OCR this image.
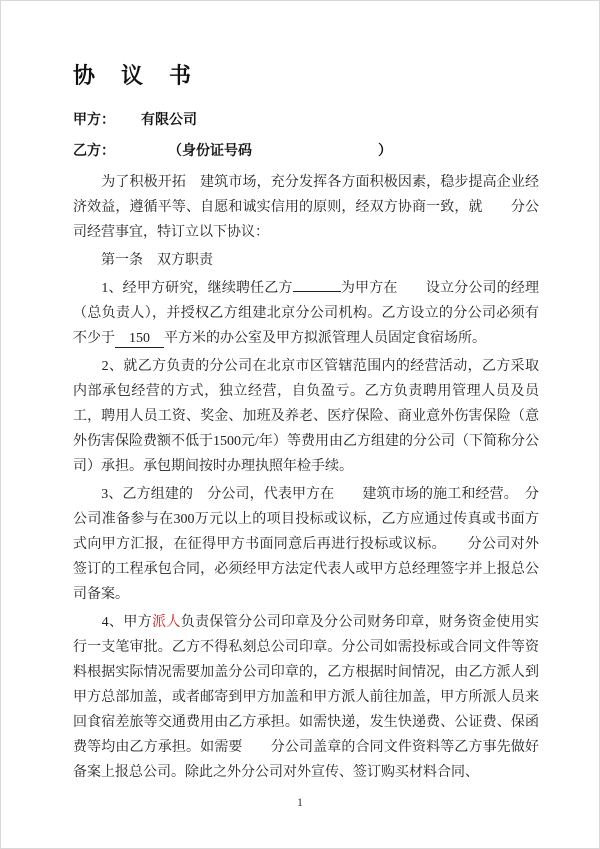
协　议　书

甲方： 有限公司

乙方：	（身份证号码　　　　　　　　　）

　　为了积极开拓　建筑市场，充分发挥各方面积极因素，稳步提高企业经济效益，遵循平等、自愿和诚实信用的原则，经双方协商一致，就　　分公司经营事宜，特订立以下协议：

　　第一条　双方职责

　　1、经甲方研究，继续聘任乙方	为甲方在　　设立分公司的经理（总负责人），并授权乙方组建北京分公司机构。乙方设立的分公司必须有不少于 150 平方米的办公室及甲方拟派管理人员固定食宿场所。

　　2、就乙方负责的分公司在北京市区管辖范围内的经营活动，乙方采取内部承包经营的方式，独立经营，自负盈亏。乙方负责聘用管理人员及员工，聘用人员工资、奖金、加班及养老、医疗保险、商业意外伤害保险（意外伤害保险费额不低于1500元/年）等费用由乙方组建的分公司（下简称分公司）承担。承包期间按时办理执照年检手续。

　　3、乙方组建的　分公司，代表甲方在　　建筑市场的施工和经营。　分公司准备参与在300万元以上的项目投标或议标，乙方应通过传真或书面方式向甲方汇报，在征得甲方书面同意后再进行投标或议标。　　分公司对外签订的工程承包合同，必须经甲方法定代表人或甲方总经理签字并上报总公司备案。

　　4、甲方派人负责保管分公司印章及分公司财务印章，财务资金使用实行一支笔审批。乙方不得私刻总公司印章。分公司如需投标或合同文件等资料根据实际情况需要加盖分公司印章的，乙方根据时间情况，由乙方派人到甲方总部加盖，或者邮寄到甲方加盖和甲方派人前往加盖，甲方所派人员来回食宿差旅等交通费用由乙方承担。如需快递，发生快递费、公证费、保函费等均由乙方承担。如需要　　分公司盖章的合同文件资料等乙方事先做好备案上报总公司。除此之外分公司对外宣传、签订购买材料合同、

1
